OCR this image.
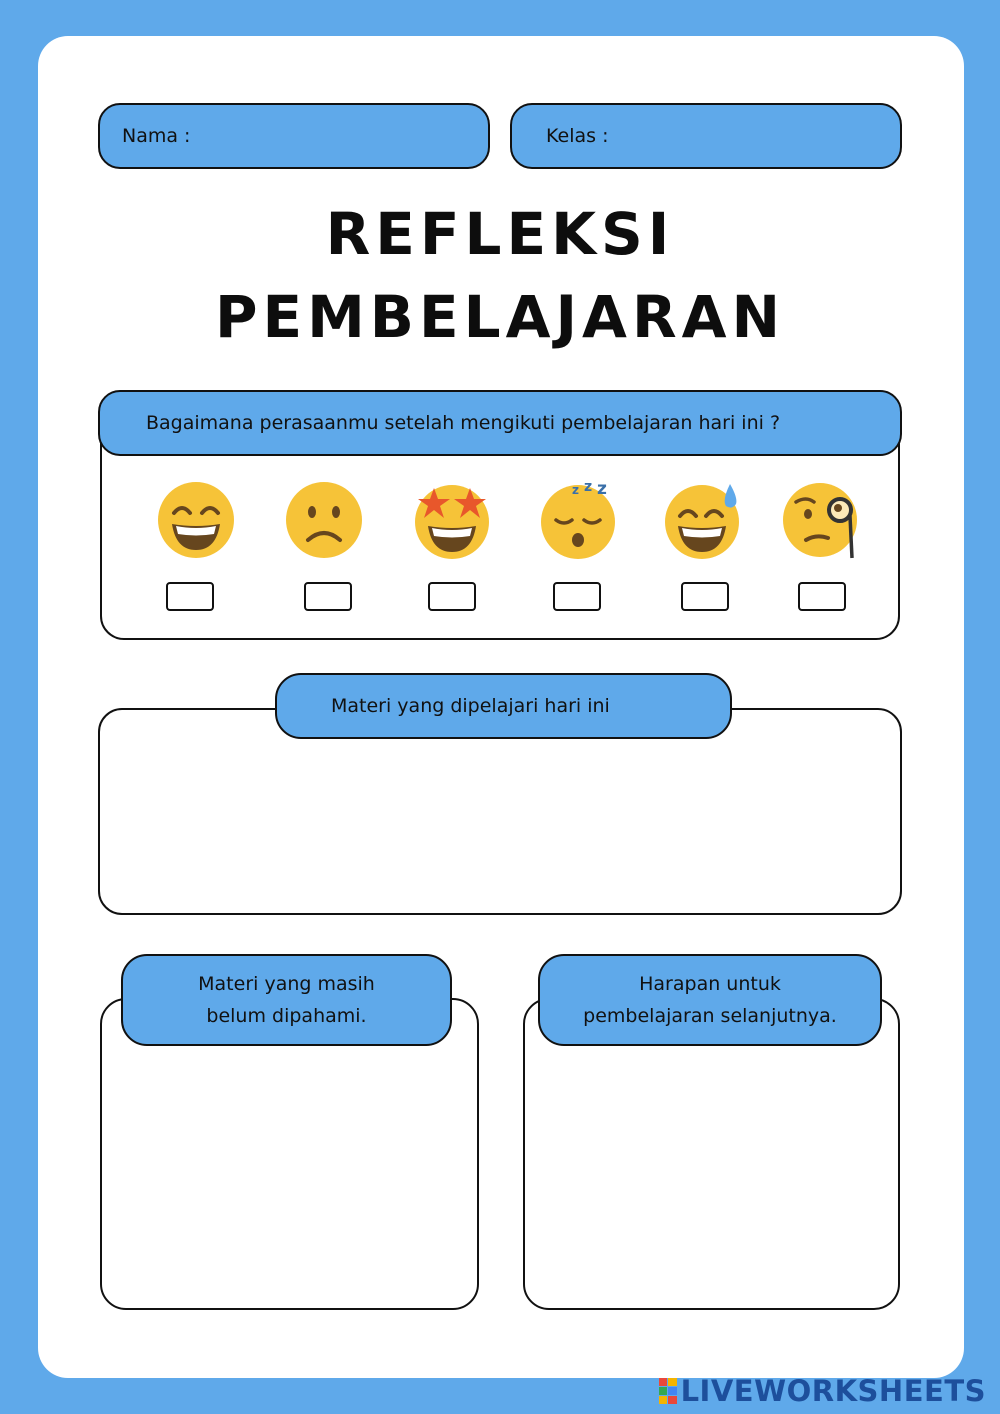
Nama :	Kelas :
REFLEKSI
PEMBELAJARAN
Bagaimana perasaanmu setelah mengikuti pembelajaran hari ini ?
z z z
Materi yang dipelajari hari ini
Materi yang masih
belum dipahami.
Harapan untuk
pembelajaran selanjutnya.
LIVEWORKSHEETS
